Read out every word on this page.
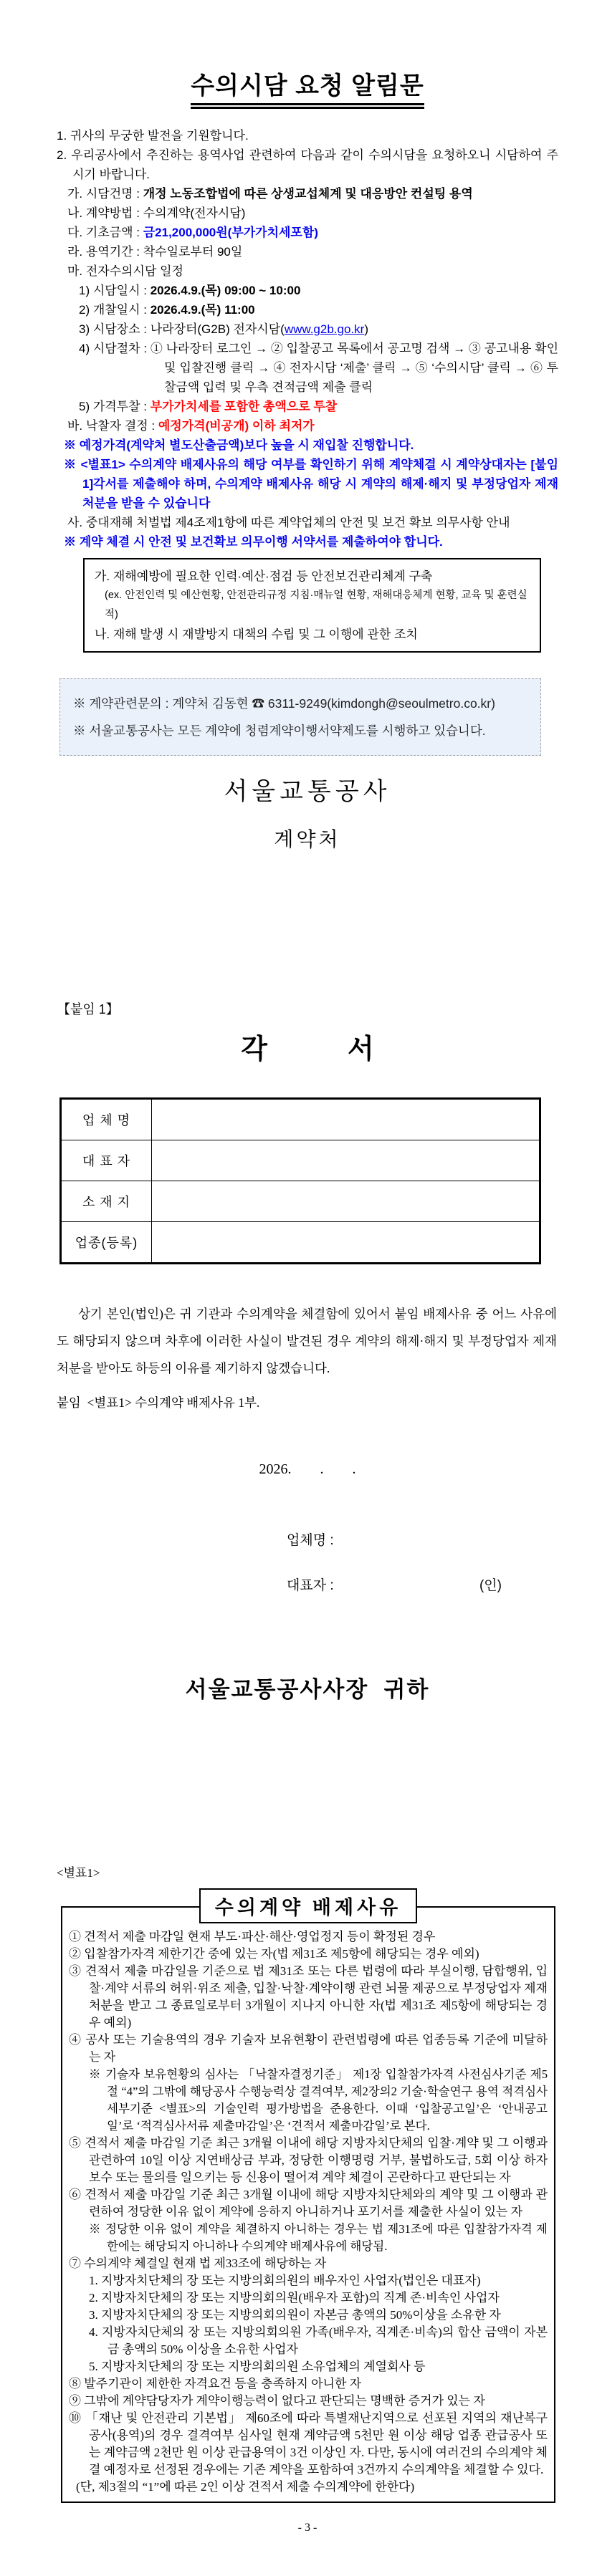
수의시담 요청 알림문
1. 귀사의 무궁한 발전을 기원합니다.
2. 우리공사에서 추진하는 용역사업 관련하여 다음과 같이 수의시담을 요청하오니 시담하여 주시기 바랍니다.
가. 시담건명 : 개정 노동조합법에 따른 상생교섭체계 및 대응방안 컨설팅 용역
나. 계약방법 : 수의계약(전자시담)
다. 기초금액 : 금21,200,000원(부가가치세포함)
라. 용역기간 : 착수일로부터 90일
마. 전자수의시담 일정
1) 시담일시 : 2026.4.9.(목) 09:00 ~ 10:00
2) 개찰일시 : 2026.4.9.(목) 11:00
3) 시담장소 : 나라장터(G2B) 전자시담(www.g2b.go.kr)
4) 시담절차 : ① 나라장터 로그인 → ② 입찰공고 목록에서 공고명 검색 → ③ 공고내용 확인 및 입찰진행 클릭 → ④ 전자시담 ‘제출’ 클릭 → ⑤ ‘수의시담’ 클릭 → ⑥ 투찰금액 입력 및 우측 견적금액 제출 클릭
5) 가격투찰 : 부가가치세를 포함한 총액으로 투찰
바. 낙찰자 결정 : 예정가격(비공개) 이하 최저가
※ 예정가격(계약처 별도산출금액)보다 높을 시 재입찰 진행합니다.
※ <별표1> 수의계약 배제사유의 해당 여부를 확인하기 위해 계약체결 시 계약상대자는 [붙임1]각서를 제출해야 하며, 수의계약 배제사유 해당 시 계약의 해제·해지 및 부정당업자 제재 처분을 받을 수 있습니다
사. 중대재해 처벌법 제4조제1항에 따른 계약업체의 안전 및 보건 확보 의무사항 안내
※ 계약 체결 시 안전 및 보건확보 의무이행 서약서를 제출하여야 합니다.
가. 재해예방에 필요한 인력·예산·점검 등 안전보건관리체계 구축
(ex. 안전인력 및 예산현황, 안전관리규정 지침·매뉴얼 현황, 재해대응체계 현황, 교육 및 훈련실적)
나. 재해 발생 시 재발방지 대책의 수립 및 그 이행에 관한 조치
※ 계약관련문의 : 계약처 김동현 ☎ 6311-9249(kimdongh@seoulmetro.co.kr)
※ 서울교통공사는 모든 계약에 청렴계약이행서약제도를 시행하고 있습니다.
서울교통공사
계약처
【붙임 1】
각	서
업 체 명	
대 표 자	
소 재 지	
업종(등록)	
상기 본인(법인)은 귀 기관과 수의계약을 체결함에 있어서 붙임 배제사유 중 어느 사유에도 해당되지 않으며 차후에 이러한 사실이 발견된 경우 계약의 해제·해지 및 부정당업자 제재 처분을 받아도 하등의 이유를 제기하지 않겠습니다.
붙임  <별표1> 수의계약 배제사유 1부.
2026.        .        .
업체명 :
대표자 :	(인)
서울교통공사사장  귀하
<별표1>
수의계약 배제사유
① 견적서 제출 마감일 현재 부도·파산·해산·영업정지 등이 확정된 경우
② 입찰참가자격 제한기간 중에 있는 자(법 제31조 제5항에 해당되는 경우 예외)
③ 견적서 제출 마감일을 기준으로 법 제31조 또는 다른 법령에 따라 부실이행, 담합행위, 입찰·계약 서류의 허위·위조 제출, 입찰·낙찰·계약이행 관련 뇌물 제공으로 부정당업자 제재 처분을 받고 그 종료일로부터 3개월이 지나지 아니한 자(법 제31조 제5항에 해당되는 경우 예외)
④ 공사 또는 기술용역의 경우 기술자 보유현황이 관련법령에 따른 업종등록 기준에 미달하는 자
※ 기술자 보유현황의 심사는 「낙찰자결정기준」 제1장 입찰참가자격 사전심사기준 제5절 “4”의 그밖에 해당공사 수행능력상 결격여부, 제2장의2 기술·학술연구 용역 적격심사 세부기준 <별표>의 기술인력 평가방법을 준용한다. 이때 ‘입찰공고일’은 ‘안내공고일’로 ‘적격심사서류 제출마감일’은 ‘견적서 제출마감일’로 본다.
⑤ 견적서 제출 마감일 기준 최근 3개월 이내에 해당 지방자치단체의 입찰·계약 및 그 이행과 관련하여 10일 이상 지연배상금 부과, 정당한 이행명령 거부, 불법하도급, 5회 이상 하자보수 또는 물의를 일으키는 등 신용이 떨어져 계약 체결이 곤란하다고 판단되는 자
⑥ 견적서 제출 마감일 기준 최근 3개월 이내에 해당 지방자치단체와의 계약 및 그 이행과 관련하여 정당한 이유 없이 계약에 응하지 아니하거나 포기서를 제출한 사실이 있는 자
※ 정당한 이유 없이 계약을 체결하지 아니하는 경우는 법 제31조에 따른 입찰참가자격 제한에는 해당되지 아니하나 수의계약 배제사유에 해당됨.
⑦ 수의계약 체결일 현재 법 제33조에 해당하는 자
1. 지방자치단체의 장 또는 지방의회의원의 배우자인 사업자(법인은 대표자)
2. 지방자치단체의 장 또는 지방의회의원(배우자 포함)의 직계 존·비속인 사업자
3. 지방자치단체의 장 또는 지방의회의원이 자본금 총액의 50%이상을 소유한 자
4. 지방자치단체의 장 또는 지방의회의원 가족(배우자, 직계존·비속)의 합산 금액이 자본금 총액의 50% 이상을 소유한 사업자
5. 지방자치단체의 장 또는 지방의회의원 소유업체의 계열회사 등
⑧ 발주기관이 제한한 자격요건 등을 충족하지 아니한 자
⑨ 그밖에 계약담당자가 계약이행능력이 없다고 판단되는 명백한 증거가 있는 자
⑩ 「재난 및 안전관리 기본법」 제60조에 따라 특별재난지역으로 선포된 지역의 재난복구공사(용역)의 경우 결격여부 심사일 현재 계약금액 5천만 원 이상 해당 업종 관급공사 또는 계약금액 2천만 원 이상 관급용역이 3건 이상인 자. 다만, 동시에 여러건의 수의계약 체결 예정자로 선정된 경우에는 기존 계약을 포함하여 3건까지 수의계약을 체결할 수 있다.
(단, 제3절의 “1”에 따른 2인 이상 견적서 제출 수의계약에 한한다)
- 3 -
